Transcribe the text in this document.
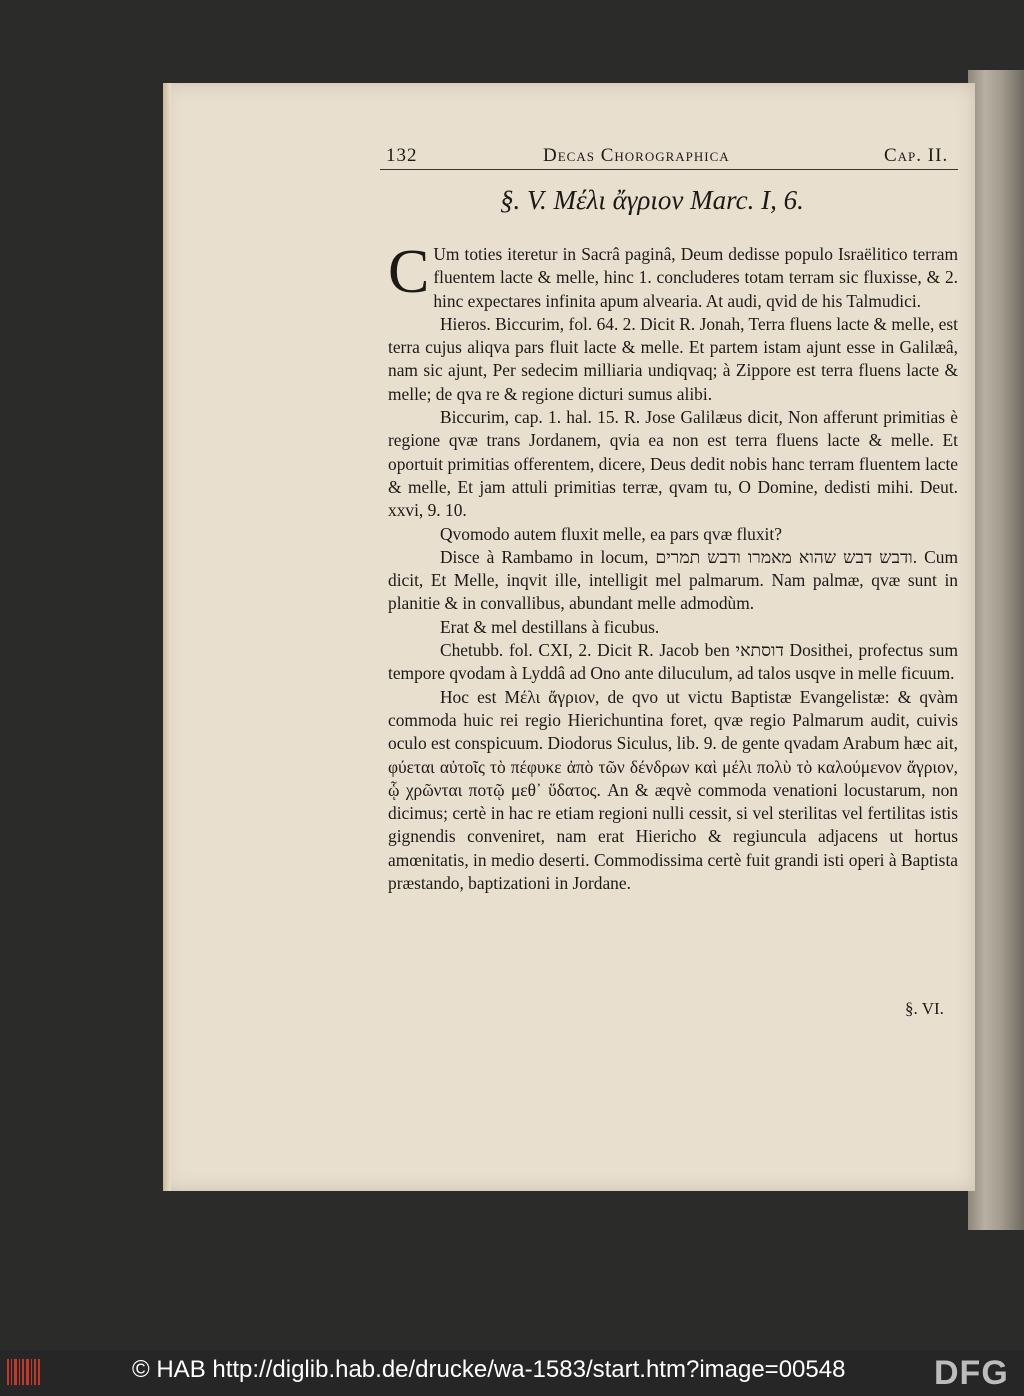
132	Decas Chorographica	Cap. II.
§. V. Μέλι ἄγριον Marc. I, 6.

C Um toties iteretur in Sacrâ paginâ, Deum dedisse populo Israëlitico terram fluentem lacte & melle, hinc 1. concluderes totam terram sic fluxisse, & 2. hinc expectares infinita apum alvearia. At audi, qvid de his Talmudici.

Hieros. Biccurim, fol. 64. 2. Dicit R. Jonah, Terra fluens lacte & melle, est terra cujus aliqva pars fluit lacte & melle. Et partem istam ajunt esse in Galilæâ, nam sic ajunt, Per sedecim milliaria undiqvaq; à Zippore est terra fluens lacte & melle; de qva re & regione dicturi sumus alibi.

Biccurim, cap. 1. hal. 15. R. Jose Galilæus dicit, Non afferunt primitias è regione qvæ trans Jordanem, qvia ea non est terra fluens lacte & melle. Et oportuit primitias offerentem, dicere, Deus dedit nobis hanc terram fluentem lacte & melle, Et jam attuli primitias terræ, qvam tu, O Domine, dedisti mihi. Deut. xxvi, 9. 10.

Qvomodo autem fluxit melle, ea pars qvæ fluxit?

Disce à Rambamo in locum, ודבש דבש שהוא מאמרו ודבש תמרים. Cum dicit, Et Melle, inqvit ille, intelligit mel palmarum. Nam palmæ, qvæ sunt in planitie & in convallibus, abundant melle admodùm.

Erat & mel destillans à ficubus.

Chetubb. fol. CXI, 2. Dicit R. Jacob ben דוסתאי Dosithei, profectus sum tempore qvodam à Lyddâ ad Ono ante diluculum, ad talos usqve in melle ficuum.

Hoc est Μέλι ἄγριον, de qvo ut victu Baptistæ Evangelistæ: & qvàm commoda huic rei regio Hierichuntina foret, qvæ regio Palmarum audit, cuivis oculo est conspicuum. Diodorus Siculus, lib. 9. de gente qvadam Arabum hæc ait, φύεται αὐτοῖς τὸ πέφυκε ἀπὸ τῶν δένδρων καὶ μέλι πολὺ τὸ καλούμενον ἄγριον, ᾧ χρῶνται ποτῷ μεθ᾽ ὕδατος. An & æqvè commoda venationi locustarum, non dicimus; certè in hac re etiam regioni nulli cessit, si vel sterilitas vel fertilitas istis gignendis conveniret, nam erat Hiericho & regiuncula adjacens ut hortus amœnitatis, in medio deserti. Commodissima certè fuit grandi isti operi à Baptista præstando, baptizationi in Jordane.

§. VI.
© HAB http://diglib.hab.de/drucke/wa-1583/start.htm?image=00548	DFG
